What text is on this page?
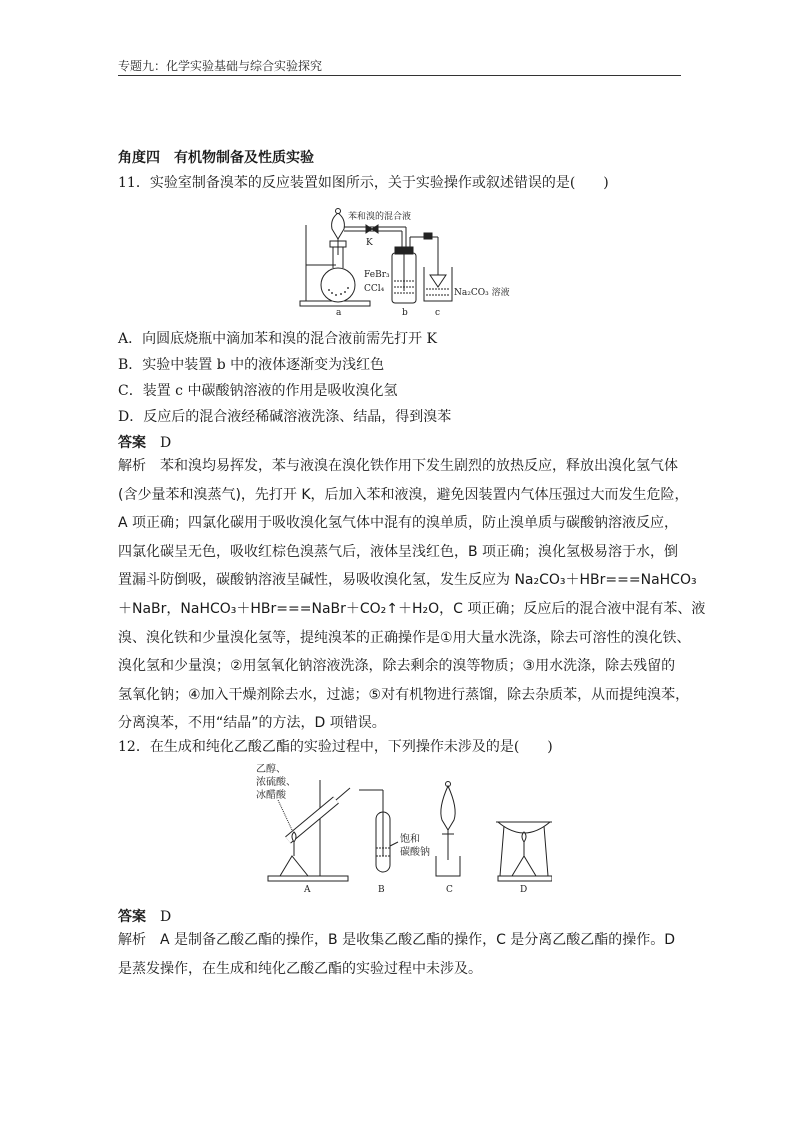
专题九：化学实验基础与综合实验探究
角度四　有机物制备及性质实验
11．实验室制备溴苯的反应装置如图所示，关于实验操作或叙述错误的是(　　)
苯和溴的混合液
K
FeBr₃
CCl₄	Na₂CO₃ 溶液
a	b	c
A．向圆底烧瓶中滴加苯和溴的混合液前需先打开 K
B．实验中装置 b 中的液体逐渐变为浅红色
C．装置 c 中碳酸钠溶液的作用是吸收溴化氢
D．反应后的混合液经稀碱溶液洗涤、结晶，得到溴苯
答案　 D
解析　 苯和溴均易挥发，苯与液溴在溴化铁作用下发生剧烈的放热反应，释放出溴化氢气体
(含少量苯和溴蒸气)，先打开 K，后加入苯和液溴，避免因装置内气体压强过大而发生危险，
A 项正确；四氯化碳用于吸收溴化氢气体中混有的溴单质，防止溴单质与碳酸钠溶液反应，
四氯化碳呈无色，吸收红棕色溴蒸气后，液体呈浅红色，B 项正确；溴化氢极易溶于水，倒
置漏斗防倒吸，碳酸钠溶液呈碱性，易吸收溴化氢，发生反应为 Na₂CO₃＋HBr===NaHCO₃
＋NaBr，NaHCO₃＋HBr===NaBr＋CO₂↑＋H₂O，C 项正确；反应后的混合液中混有苯、液
溴、溴化铁和少量溴化氢等，提纯溴苯的正确操作是①用大量水洗涤，除去可溶性的溴化铁、
溴化氢和少量溴；②用氢氧化钠溶液洗涤，除去剩余的溴等物质；③用水洗涤，除去残留的
氢氧化钠；④加入干燥剂除去水，过滤；⑤对有机物进行蒸馏，除去杂质苯，从而提纯溴苯，
分离溴苯，不用“结晶”的方法，D 项错误。
12．在生成和纯化乙酸乙酯的实验过程中，下列操作未涉及的是(　　)
乙醇、
浓硫酸、
冰醋酸
饱和
碳酸钠
A	B	C	D
答案　 D
解析　 A 是制备乙酸乙酯的操作，B 是收集乙酸乙酯的操作，C 是分离乙酸乙酯的操作。D
是蒸发操作，在生成和纯化乙酸乙酯的实验过程中未涉及。
